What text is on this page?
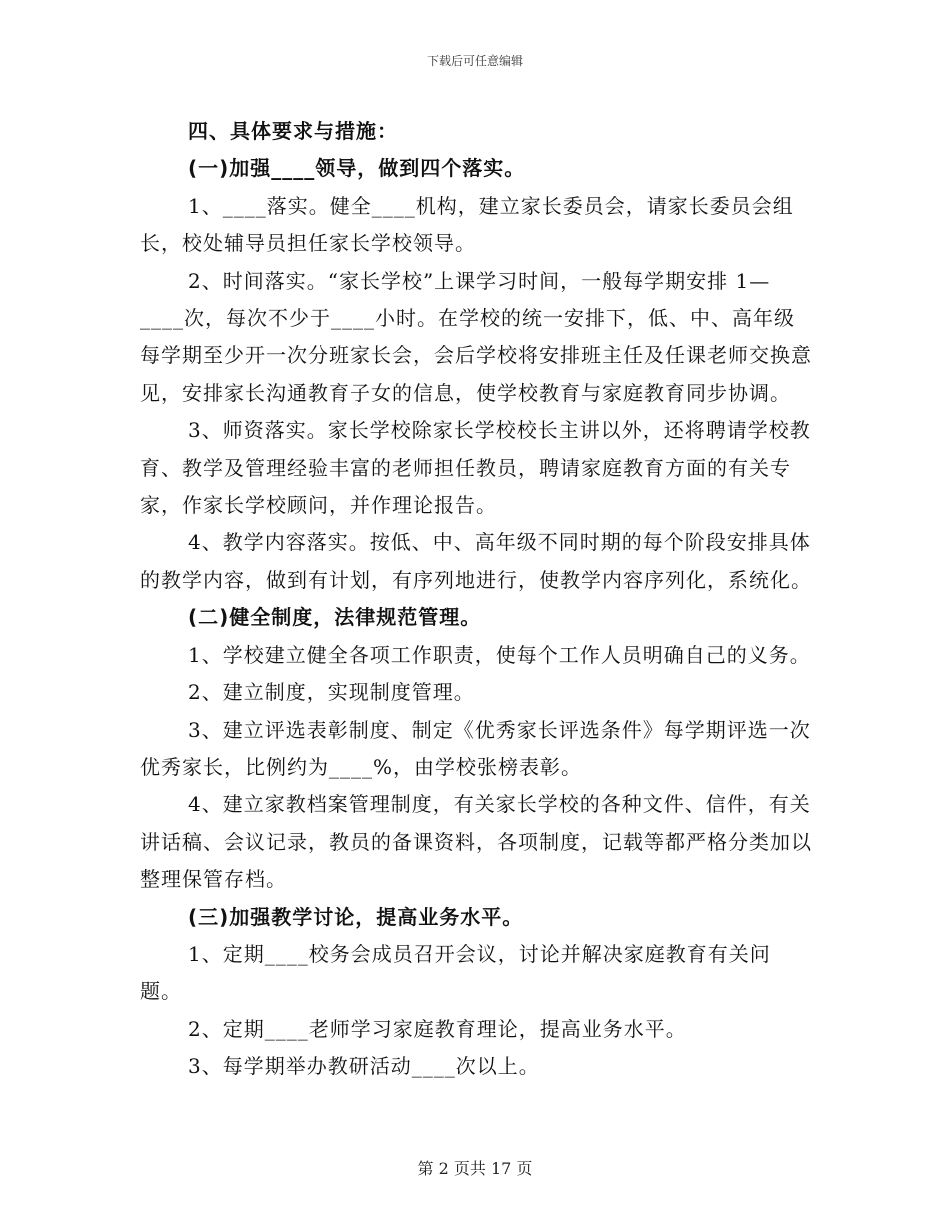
下载后可任意编辑

四、具体要求与措施：

(一)加强____领导，做到四个落实。

1、____落实。健全____机构，建立家长委员会，请家长委员会组长，校处辅导员担任家长学校领导。

2、时间落实。“家长学校”上课学习时间，一般每学期安排 1—____次，每次不少于____小时。在学校的统一安排下，低、中、高年级每学期至少开一次分班家长会，会后学校将安排班主任及任课老师交换意见，安排家长沟通教育子女的信息，使学校教育与家庭教育同步协调。

3、师资落实。家长学校除家长学校校长主讲以外，还将聘请学校教育、教学及管理经验丰富的老师担任教员，聘请家庭教育方面的有关专家，作家长学校顾问，并作理论报告。

4、教学内容落实。按低、中、高年级不同时期的每个阶段安排具体的教学内容，做到有计划，有序列地进行，使教学内容序列化，系统化。

(二)健全制度，法律规范管理。

1、学校建立健全各项工作职责，使每个工作人员明确自己的义务。

2、建立制度，实现制度管理。

3、建立评选表彰制度、制定《优秀家长评选条件》每学期评选一次优秀家长，比例约为____%，由学校张榜表彰。

4、建立家教档案管理制度，有关家长学校的各种文件、信件，有关讲话稿、会议记录，教员的备课资料，各项制度，记载等都严格分类加以整理保管存档。

(三)加强教学讨论，提高业务水平。

1、定期____校务会成员召开会议，讨论并解决家庭教育有关问题。

2、定期____老师学习家庭教育理论，提高业务水平。

3、每学期举办教研活动____次以上。

第 2 页共 17 页
